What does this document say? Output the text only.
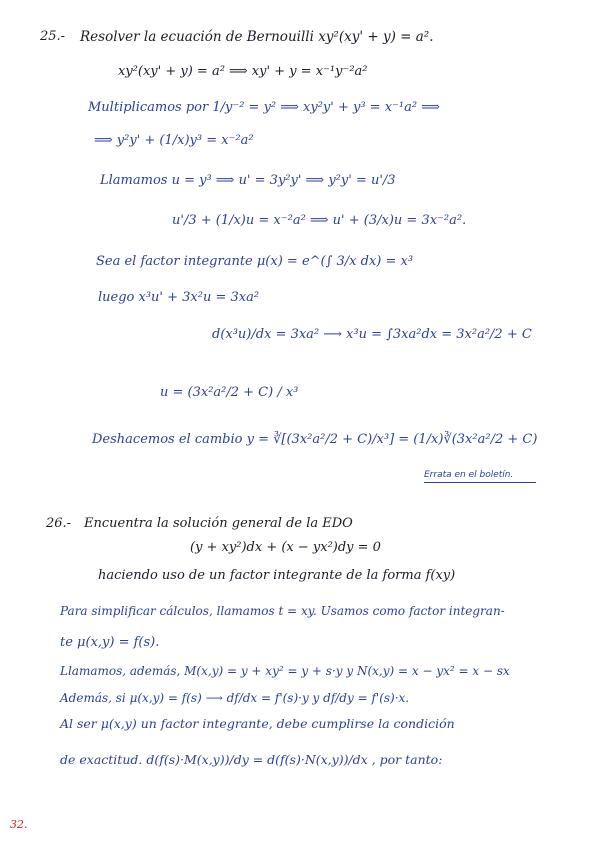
25.- Resolver la ecuación de Bernouilli xy²(xy' + y) = a².
xy²(xy' + y) = a² ⟹ xy' + y = x⁻¹y⁻²a²
Multiplicamos por 1/y⁻² = y² ⟹ xy²y' + y³ = x⁻¹a² ⟹
⟹ y²y' + (1/x)y³ = x⁻²a²
Llamamos u = y³ ⟹ u' = 3y²y' ⟹ y²y' = u'/3
u'/3 + (1/x)u = x⁻²a² ⟹ u' + (3/x)u = 3x⁻²a².
Sea el factor integrante μ(x) = e^(∫ 3/x dx) = x³
luego x³u' + 3x²u = 3xa²
d(x³u)/dx = 3xa² ⟶ x³u = ∫3xa²dx = 3x²a²/2 + C
u = (3x²a²/2 + C) / x³
Deshacemos el cambio y = ∛[(3x²a²/2 + C)/x³] = (1/x)∛(3x²a²/2 + C)
Errata en el boletín.
26.- Encuentra la solución general de la EDO
(y + xy²)dx + (x − yx²)dy = 0
haciendo uso de un factor integrante de la forma f(xy)
Para simplificar cálculos, llamamos t = xy. Usamos como factor integran-
te μ(x,y) = f(s).
Llamamos, además, M(x,y) = y + xy² = y + s·y y N(x,y) = x − yx² = x − sx
Además, si μ(x,y) = f(s) ⟶ df/dx = f'(s)·y y df/dy = f'(s)·x.
Al ser μ(x,y) un factor integrante, debe cumplirse la condición
de exactitud. d(f(s)·M(x,y))/dy = d(f(s)·N(x,y))/dx , por tanto:
32.
